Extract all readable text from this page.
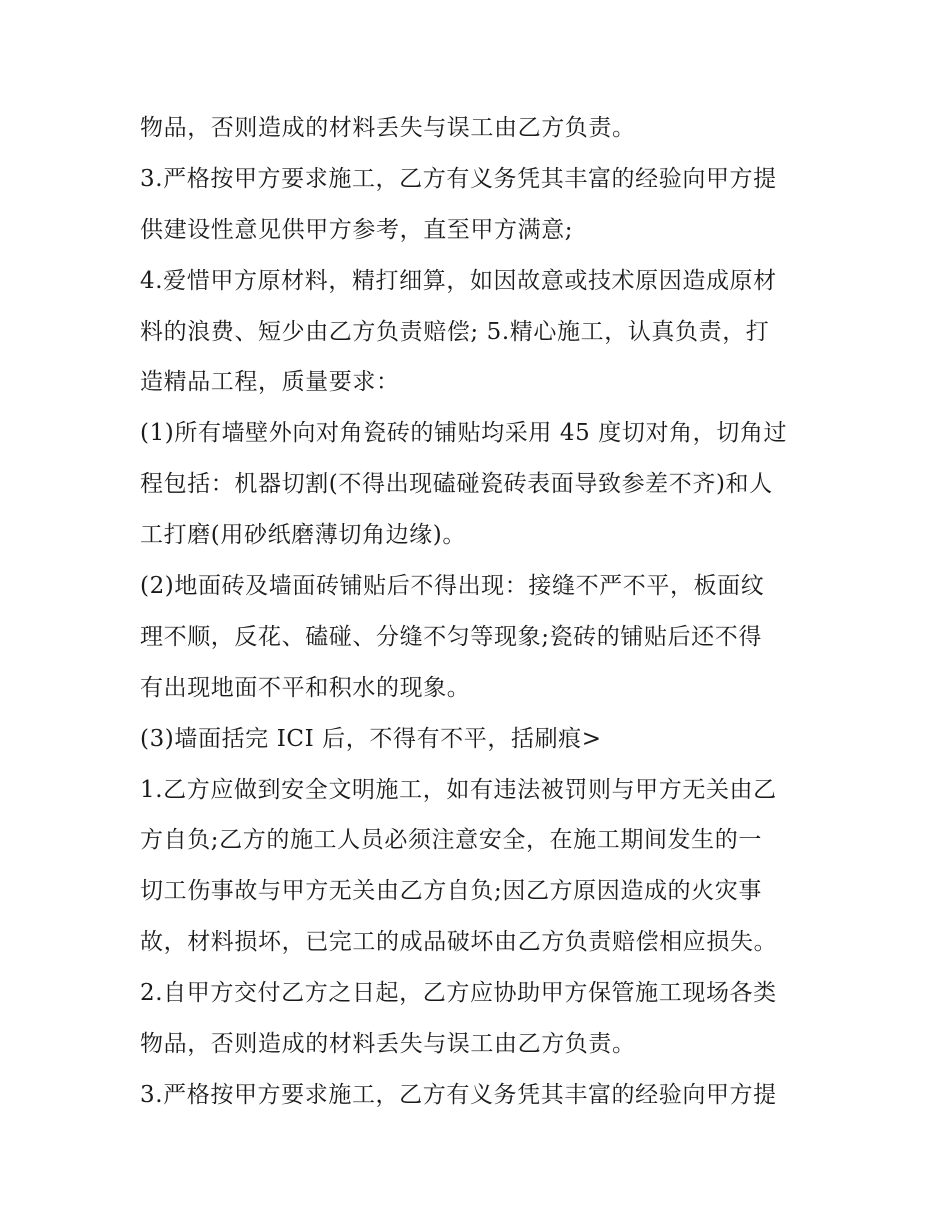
物品，否则造成的材料丢失与误工由乙方负责。
3.严格按甲方要求施工，乙方有义务凭其丰富的经验向甲方提
供建设性意见供甲方参考，直至甲方满意;
4.爱惜甲方原材料，精打细算，如因故意或技术原因造成原材
料的浪费、短少由乙方负责赔偿; 5.精心施工，认真负责，打
造精品工程，质量要求：
(1)所有墙壁外向对角瓷砖的铺贴均采用 45 度切对角，切角过
程包括：机器切割(不得出现磕碰瓷砖表面导致参差不齐)和人
工打磨(用砂纸磨薄切角边缘)。
(2)地面砖及墙面砖铺贴后不得出现：接缝不严不平，板面纹
理不顺，反花、磕碰、分缝不匀等现象;瓷砖的铺贴后还不得
有出现地面不平和积水的现象。
(3)墙面括完 ICI 后，不得有不平，括刷痕>
1.乙方应做到安全文明施工，如有违法被罚则与甲方无关由乙
方自负;乙方的施工人员必须注意安全，在施工期间发生的一
切工伤事故与甲方无关由乙方自负;因乙方原因造成的火灾事
故，材料损坏，已完工的成品破坏由乙方负责赔偿相应损失。
2.自甲方交付乙方之日起，乙方应协助甲方保管施工现场各类
物品，否则造成的材料丢失与误工由乙方负责。
3.严格按甲方要求施工，乙方有义务凭其丰富的经验向甲方提
